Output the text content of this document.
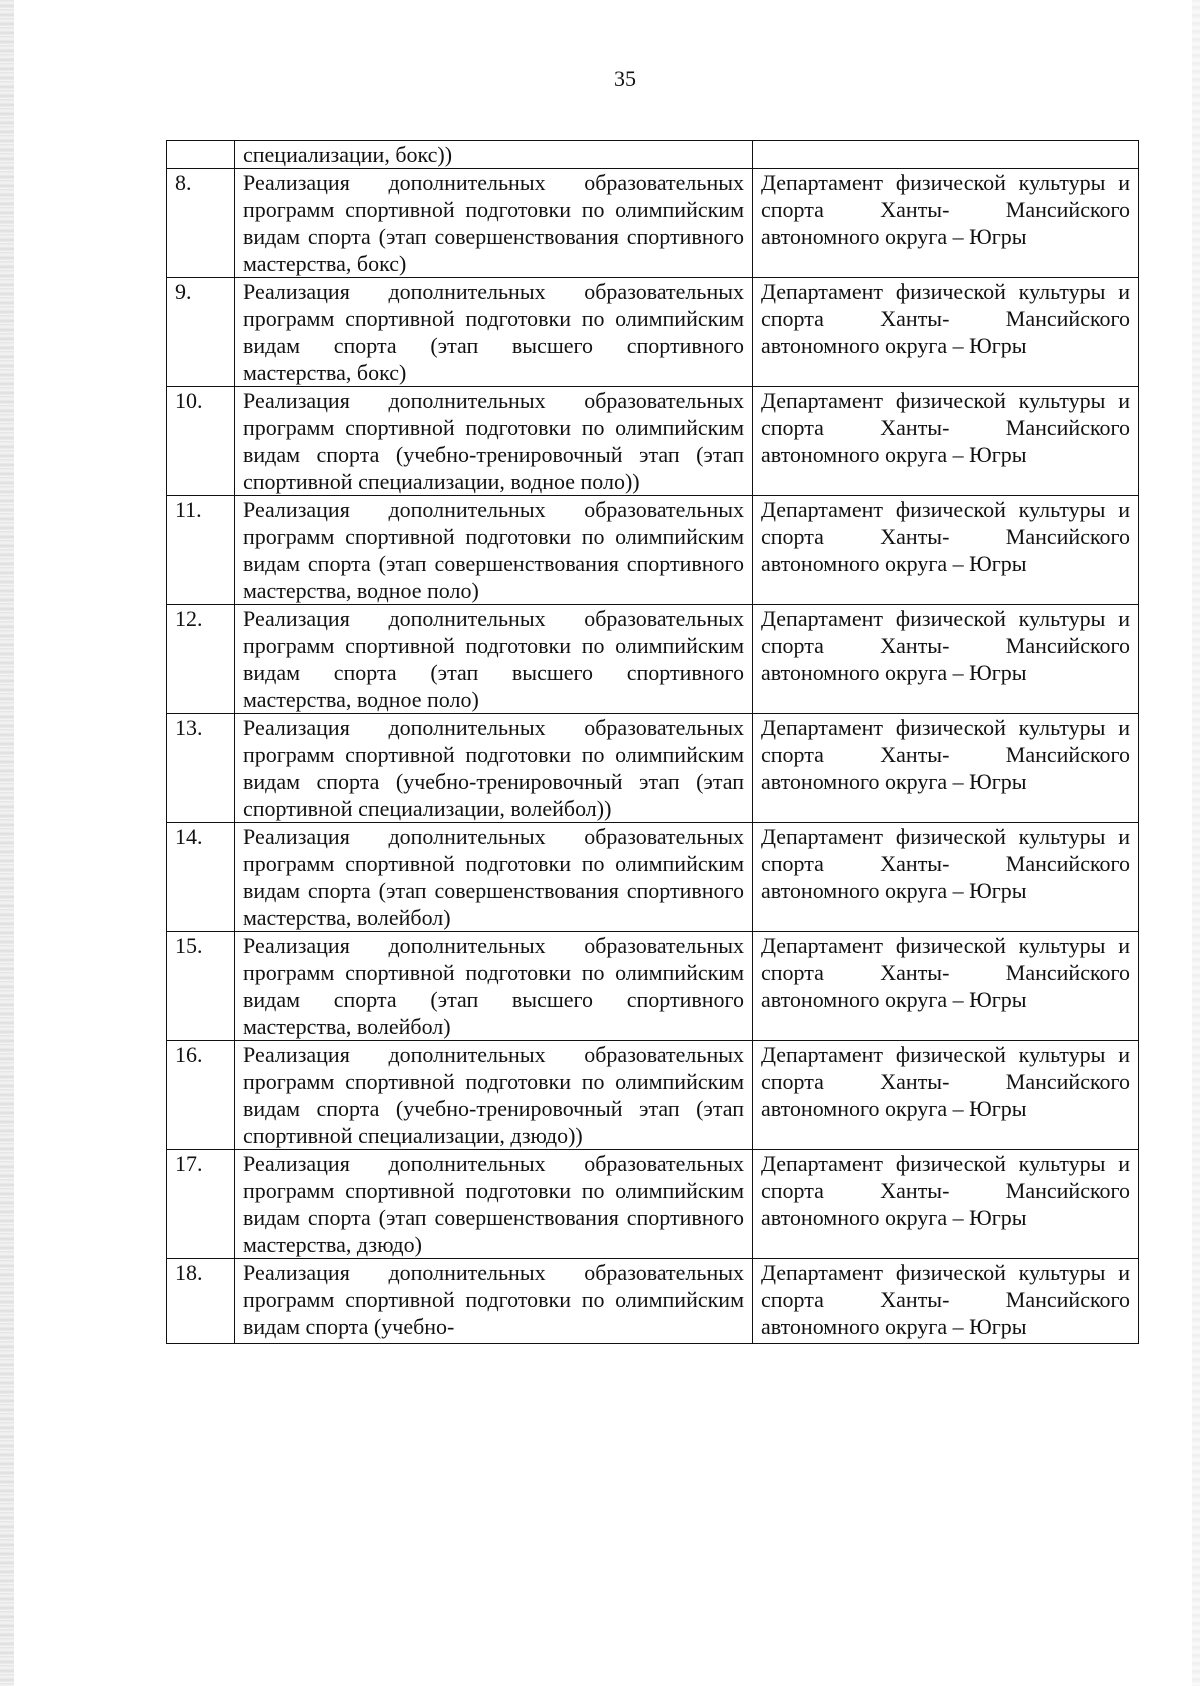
35
	специализации, бокс))	
8.	Реализация дополнительных образовательных программ спортивной подготовки по олимпийским видам спорта (этап совершенствования спортивного мастерства, бокс)	Департамент физической культуры и спорта Ханты- Мансийского автономного округа – Югры
9.	Реализация дополнительных образовательных программ спортивной подготовки по олимпийским видам спорта (этап высшего спортивного мастерства, бокс)	Департамент физической культуры и спорта Ханты- Мансийского автономного округа – Югры
10.	Реализация дополнительных образовательных программ спортивной подготовки по олимпийским видам спорта (учебно-тренировочный этап (этап спортивной специализации, водное поло))	Департамент физической культуры и спорта Ханты- Мансийского автономного округа – Югры
11.	Реализация дополнительных образовательных программ спортивной подготовки по олимпийским видам спорта (этап совершенствования спортивного мастерства, водное поло)	Департамент физической культуры и спорта Ханты- Мансийского автономного округа – Югры
12.	Реализация дополнительных образовательных программ спортивной подготовки по олимпийским видам спорта (этап высшего спортивного мастерства, водное поло)	Департамент физической культуры и спорта Ханты- Мансийского автономного округа – Югры
13.	Реализация дополнительных образовательных программ спортивной подготовки по олимпийским видам спорта (учебно-тренировочный этап (этап спортивной специализации, волейбол))	Департамент физической культуры и спорта Ханты- Мансийского автономного округа – Югры
14.	Реализация дополнительных образовательных программ спортивной подготовки по олимпийским видам спорта (этап совершенствования спортивного мастерства, волейбол)	Департамент физической культуры и спорта Ханты- Мансийского автономного округа – Югры
15.	Реализация дополнительных образовательных программ спортивной подготовки по олимпийским видам спорта (этап высшего спортивного мастерства, волейбол)	Департамент физической культуры и спорта Ханты- Мансийского автономного округа – Югры
16.	Реализация дополнительных образовательных программ спортивной подготовки по олимпийским видам спорта (учебно-тренировочный этап (этап спортивной специализации, дзюдо))	Департамент физической культуры и спорта Ханты- Мансийского автономного округа – Югры
17.	Реализация дополнительных образовательных программ спортивной подготовки по олимпийским видам спорта (этап совершенствования спортивного мастерства, дзюдо)	Департамент физической культуры и спорта Ханты- Мансийского автономного округа – Югры
18.	Реализация дополнительных образовательных программ спортивной подготовки по олимпийским видам спорта (учебно-	Департамент физической культуры и спорта Ханты- Мансийского автономного округа – Югры
